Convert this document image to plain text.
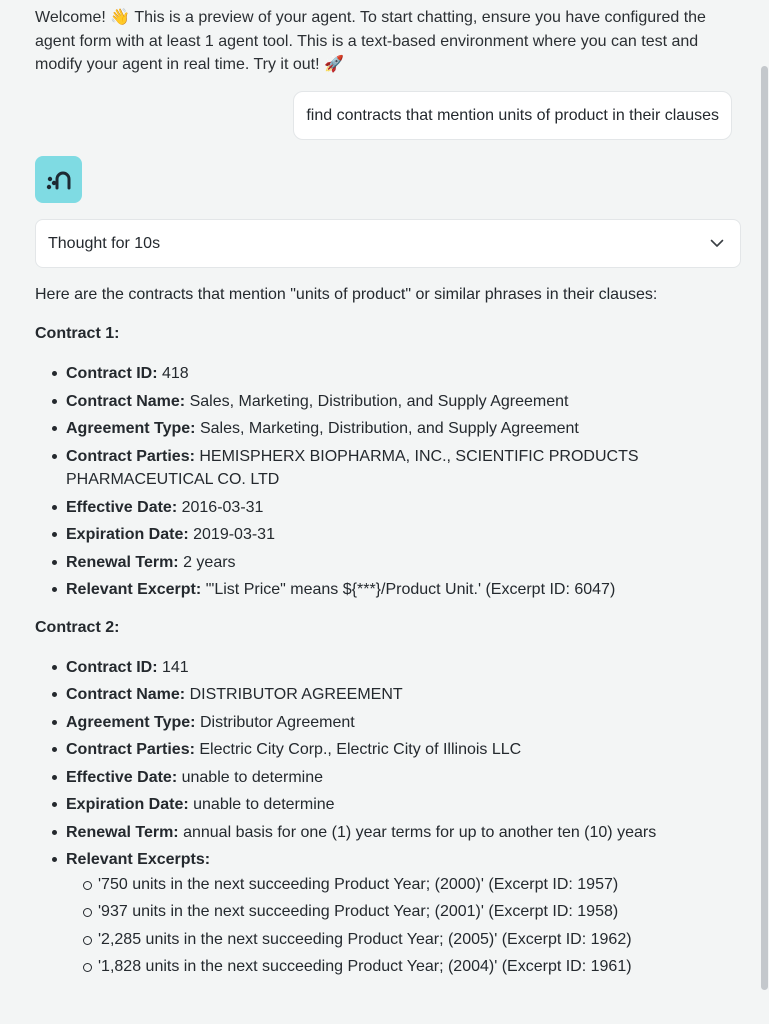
Welcome! 👋 This is a preview of your agent. To start chatting, ensure you have configured the agent form with at least 1 agent tool. This is a text-based environment where you can test and modify your agent in real time. Try it out! 🚀
find contracts that mention units of product in their clauses
Thought for 10s

Here are the contracts that mention "units of product" or similar phrases in their clauses:

Contract 1:

Contract ID: 418
Contract Name: Sales, Marketing, Distribution, and Supply Agreement
Agreement Type: Sales, Marketing, Distribution, and Supply Agreement
Contract Parties: HEMISPHERX BIOPHARMA, INC., SCIENTIFIC PRODUCTS PHARMACEUTICAL CO. LTD
Effective Date: 2016-03-31
Expiration Date: 2019-03-31
Renewal Term: 2 years
Relevant Excerpt: '"List Price" means ${***}/Product Unit.' (Excerpt ID: 6047)

Contract 2:

Contract ID: 141
Contract Name: DISTRIBUTOR AGREEMENT
Agreement Type: Distributor Agreement
Contract Parties: Electric City Corp., Electric City of Illinois LLC
Effective Date: unable to determine
Expiration Date: unable to determine
Renewal Term: annual basis for one (1) year terms for up to another ten (10) years
Relevant Excerpts:
'750 units in the next succeeding Product Year; (2000)' (Excerpt ID: 1957)
'937 units in the next succeeding Product Year; (2001)' (Excerpt ID: 1958)
'2,285 units in the next succeeding Product Year; (2005)' (Excerpt ID: 1962)
'1,828 units in the next succeeding Product Year; (2004)' (Excerpt ID: 1961)
